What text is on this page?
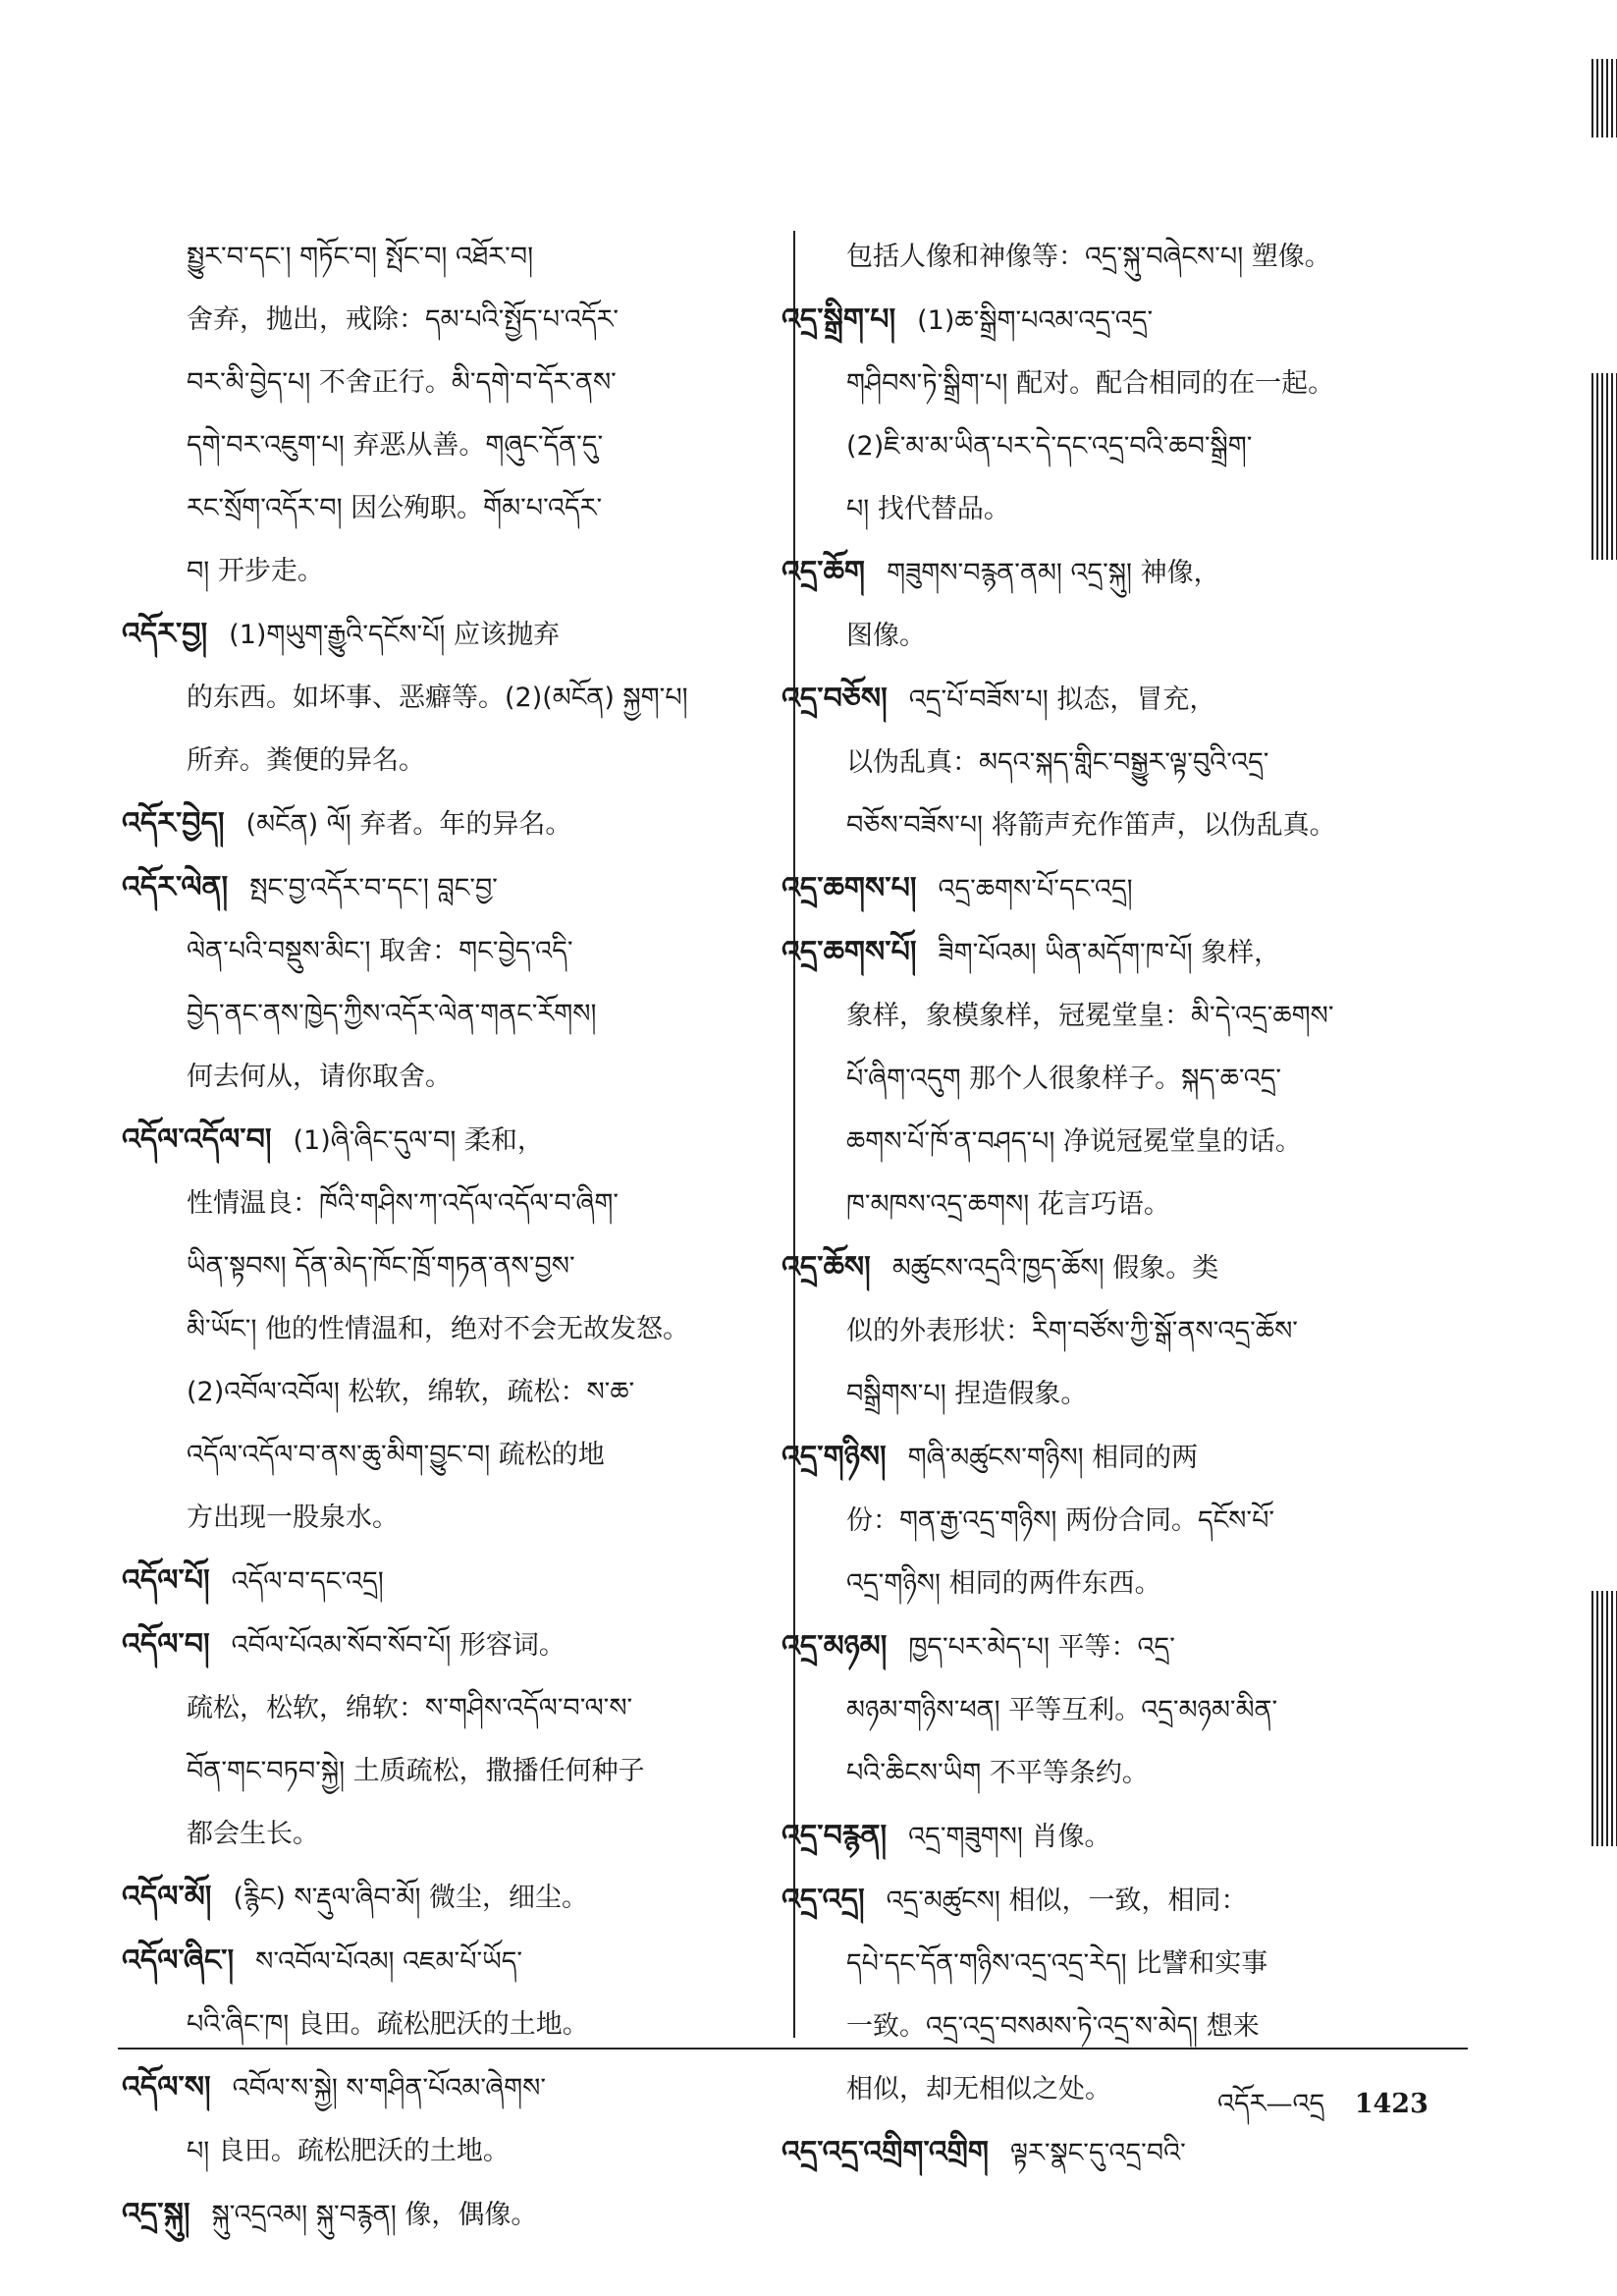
སྤྱུར་བ་དང་། གཏོང་བ། སྤོང་བ། འཐོར་བ།
舍弃，抛出，戒除：དམ་པའི་སྤྱོད་པ་འདོར་
བར་མི་བྱེད་པ། 不舍正行。མི་དགེ་བ་དོར་ནས་
དགེ་བར་འཇུག་པ། 弃恶从善。གཞུང་དོན་དུ་
རང་སྲོག་འདོར་བ། 因公殉职。གོམ་པ་འདོར་
བ། 开步走。
འདོར་བྱ། (1)གཡུག་རྒྱུའི་དངོས་པོ། 应该抛弃
的东西。如坏事、恶癖等。(2)(མངོན) སྐྱག་པ།
所弃。粪便的异名。
འདོར་བྱེད། (མངོན) ལོ། 弃者。年的异名。
འདོར་ལེན། སྤང་བྱ་འདོར་བ་དང་། བླང་བྱ་
ལེན་པའི་བསྡུས་མིང་། 取舍：གང་བྱེད་འདི་
བྱེད་ནང་ནས་ཁྱེད་ཀྱིས་འདོར་ལེན་གནང་རོགས།
何去何从，请你取舍。
འདོལ་འདོལ་བ། (1)ཞི་ཞིང་དུལ་བ། 柔和，
性情温良：ཁོའི་གཤིས་ཀ་འདོལ་འདོལ་བ་ཞིག་
ཡིན་སྟབས། དོན་མེད་ཁོང་ཁྲོ་གཏན་ནས་བྱས་
མི་ཡོང་། 他的性情温和，绝对不会无故发怒。
(2)འབོལ་འབོལ། 松软，绵软，疏松：ས་ཆ་
འདོལ་འདོལ་བ་ནས་ཆུ་མིག་བྱུང་བ། 疏松的地
方出现一股泉水。
འདོལ་པོ། འདོལ་བ་དང་འདྲ།
འདོལ་བ། འབོལ་པོའམ་སོབ་སོབ་པོ། 形容词。
疏松，松软，绵软：ས་གཤིས་འདོལ་བ་ལ་ས་
བོན་གང་བཏབ་སྐྱེ། 土质疏松，撒播任何种子
都会生长。
འདོལ་མོ། (རྙིང) ས་རྡུལ་ཞིབ་མོ། 微尘，细尘。
འདོལ་ཞིང་། ས་འབོལ་པོའམ། འཇམ་པོ་ཡོད་
པའི་ཞིང་ཁ། 良田。疏松肥沃的土地。
འདོལ་ས། འབོལ་ས་སྐྱེ། ས་གཤིན་པོའམ་ཞེགས་
པ། 良田。疏松肥沃的土地。
འདྲ་སྐུ། སྐུ་འདྲའམ། སྐུ་བརྙན། 像，偶像。
包括人像和神像等：འདྲ་སྐུ་བཞེངས་པ། 塑像。
འདྲ་སྒྲིག་པ། (1)ཆ་སྒྲིག་པའམ་འདྲ་འདྲ་
གཤིབས་ཏེ་སྒྲིག་པ། 配对。配合相同的在一起。
(2)ཇི་མ་མ་ཡིན་པར་དེ་དང་འདྲ་བའི་ཆབ་སྒྲིག་
པ། 找代替品。
འདྲ་ཆོག གཟུགས་བརྙན་ནམ། འདྲ་སྐུ། 神像，
图像。
འདྲ་བཅོས། འདྲ་པོ་བཟོས་པ། 拟态，冒充，
以伪乱真：མདའ་སྐད་གླིང་བསྒྱུར་ལྟ་བུའི་འདྲ་
བཅོས་བཟོས་པ། 将箭声充作笛声，以伪乱真。
འདྲ་ཆགས་པ། འདྲ་ཆགས་པོ་དང་འདྲ།
འདྲ་ཆགས་པོ། ཟིག་པོའམ། ཡིན་མདོག་ཁ་པོ། 象样，
象样，象模象样，冠冕堂皇：མི་དེ་འདྲ་ཆགས་
པོ་ཞིག་འདུག 那个人很象样子。སྐད་ཆ་འདྲ་
ཆགས་པོ་ཁོ་ན་བཤད་པ། 净说冠冕堂皇的话。
ཁ་མཁས་འདྲ་ཆགས། 花言巧语。
འདྲ་ཆོས། མཚུངས་འདྲའི་ཁྱད་ཆོས། 假象。类
似的外表形状：རིག་བཙོས་ཀྱི་སྒོ་ནས་འདྲ་ཆོས་
བསྒྲིགས་པ། 捏造假象。
འདྲ་གཉིས། གཞི་མཚུངས་གཉིས། 相同的两
份：གན་རྒྱ་འདྲ་གཉིས། 两份合同。དངོས་པོ་
འདྲ་གཉིས། 相同的两件东西。
འདྲ་མཉམ། ཁྱད་པར་མེད་པ། 平等：འདྲ་
མཉམ་གཉིས་ཕན། 平等互利。འདྲ་མཉམ་མིན་
པའི་ཆིངས་ཡིག 不平等条约。
འདྲ་བརྙན། འདྲ་གཟུགས། 肖像。
འདྲ་འདྲ། འདྲ་མཚུངས། 相似，一致，相同：
དཔེ་དང་དོན་གཉིས་འདྲ་འདྲ་རེད། 比譬和实事
一致。འདྲ་འདྲ་བསམས་ཏེ་འདྲ་ས་མེད། 想来
相似，却无相似之处。
འདྲ་འདྲ་འགྲིག་འགྲིག ལྟར་སྣང་དུ་འདྲ་བའི་
འདོར—འདྲ 1423
